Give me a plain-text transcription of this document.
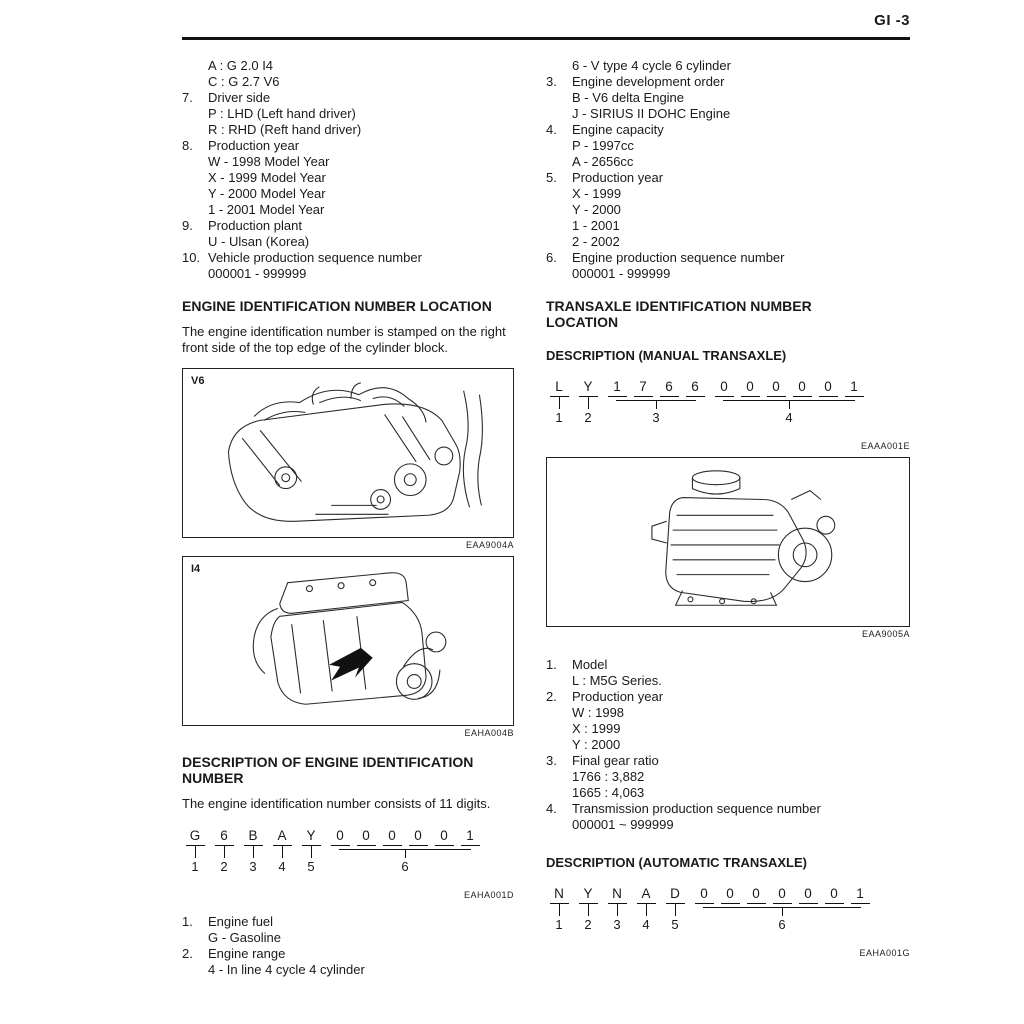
GI -3
A : G 2.0 I4
C : G 2.7 V6
7.	Driver side
P : LHD (Left hand driver)
R : RHD (Reft hand driver)
8.	Production year
W - 1998 Model Year
X - 1999 Model Year
Y - 2000 Model Year
1 - 2001 Model Year
9.	Production plant
U - Ulsan (Korea)
10. Vehicle production sequence number
000001 - 999999
ENGINE IDENTIFICATION NUMBER LOCATION
The engine identification number is stamped on the right front side of the top edge of the cylinder block.
V6
EAA9004A
I4
EAHA004B
DESCRIPTION OF ENGINE IDENTIFICATION NUMBER
The engine identification number consists of 11 digits.
G
1
6
2
B
3
A
4
Y
5
0	0	0	0	0	1
6
EAHA001D
1.	Engine fuel
G - Gasoline
2.	Engine range
4 - In line 4 cycle 4 cylinder
6 - V type 4 cycle 6 cylinder
3.	Engine development order
B - V6 delta Engine
J - SIRIUS II DOHC Engine
4.	Engine capacity
P - 1997cc
A - 2656cc
5.	Production year
X - 1999
Y - 2000
1 - 2001
2 - 2002
6.	Engine production sequence number
000001 - 999999
TRANSAXLE IDENTIFICATION NUMBER LOCATION
DESCRIPTION (MANUAL TRANSAXLE)
L
1
Y
2
1	7	6	6
3
0	0	0	0	0	1
4
EAAA001E
EAA9005A
1.	Model
L : M5G Series.
2.	Production year
W : 1998
X : 1999
Y : 2000
3.	Final gear ratio
1766 : 3,882
1665 : 4,063
4.	Transmission production sequence number
000001 ~ 999999
DESCRIPTION (AUTOMATIC TRANSAXLE)
N
1
Y
2
N
3
A
4
D
5
0	0	0	0	0	0	1
6
EAHA001G
